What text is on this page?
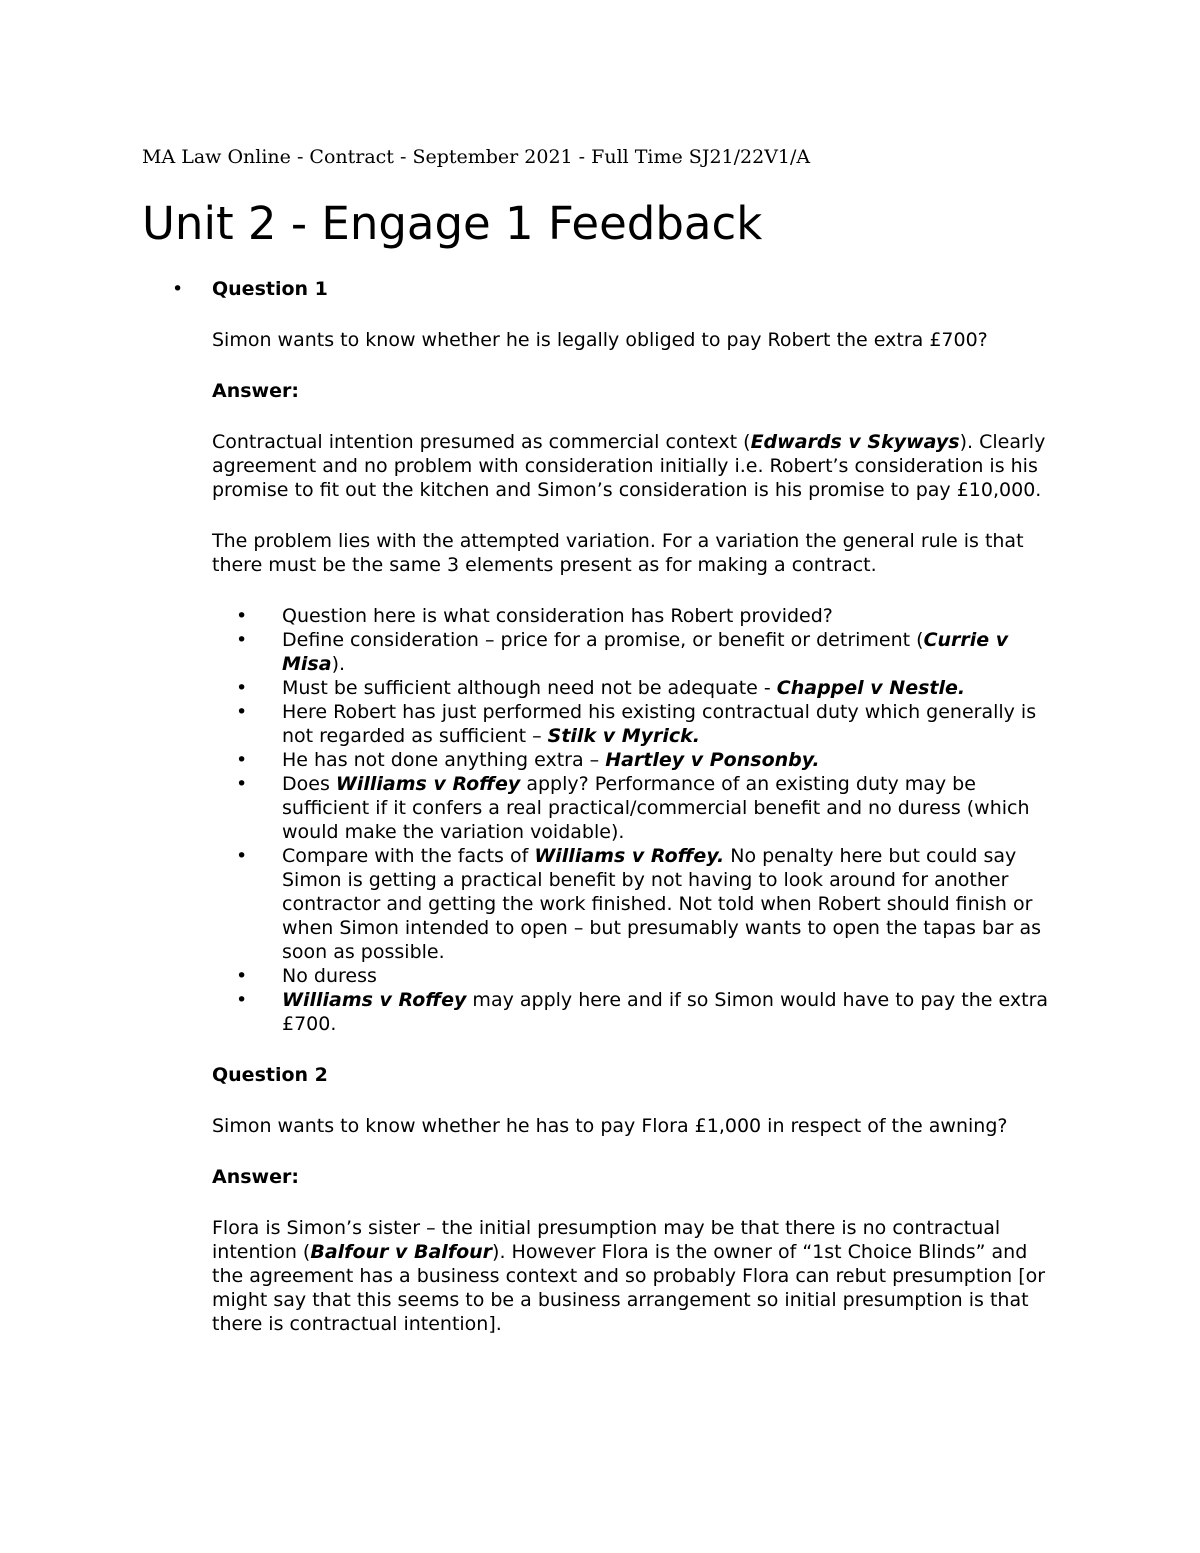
MA Law Online - Contract - September 2021 - Full Time SJ21/22V1/A
Unit 2 - Engage 1 Feedback
• Question 1

Simon wants to know whether he is legally obliged to pay Robert the extra £700?

Answer:

Contractual intention presumed as commercial context (Edwards v Skyways). Clearly agreement and no problem with consideration initially i.e. Robert’s consideration is his promise to fit out the kitchen and Simon’s consideration is his promise to pay £10,000.

The problem lies with the attempted variation. For a variation the general rule is that there must be the same 3 elements present as for making a contract.

• Question here is what consideration has Robert provided?
• Define consideration – price for a promise, or benefit or detriment (Currie v Misa).
• Must be sufficient although need not be adequate - Chappel v Nestle.
• Here Robert has just performed his existing contractual duty which generally is not regarded as sufficient – Stilk v Myrick.
• He has not done anything extra – Hartley v Ponsonby.
• Does Williams v Roffey apply? Performance of an existing duty may be sufficient if it confers a real practical/commercial benefit and no duress (which would make the variation voidable).
• Compare with the facts of Williams v Roffey. No penalty here but could say Simon is getting a practical benefit by not having to look around for another contractor and getting the work finished. Not told when Robert should finish or when Simon intended to open – but presumably wants to open the tapas bar as soon as possible.
• No duress
• Williams v Roffey may apply here and if so Simon would have to pay the extra £700.
Question 2

Simon wants to know whether he has to pay Flora £1,000 in respect of the awning?

Answer:

Flora is Simon’s sister – the initial presumption may be that there is no contractual intention (Balfour v Balfour). However Flora is the owner of “1st Choice Blinds” and the agreement has a business context and so probably Flora can rebut presumption [or might say that this seems to be a business arrangement so initial presumption is that there is contractual intention].
